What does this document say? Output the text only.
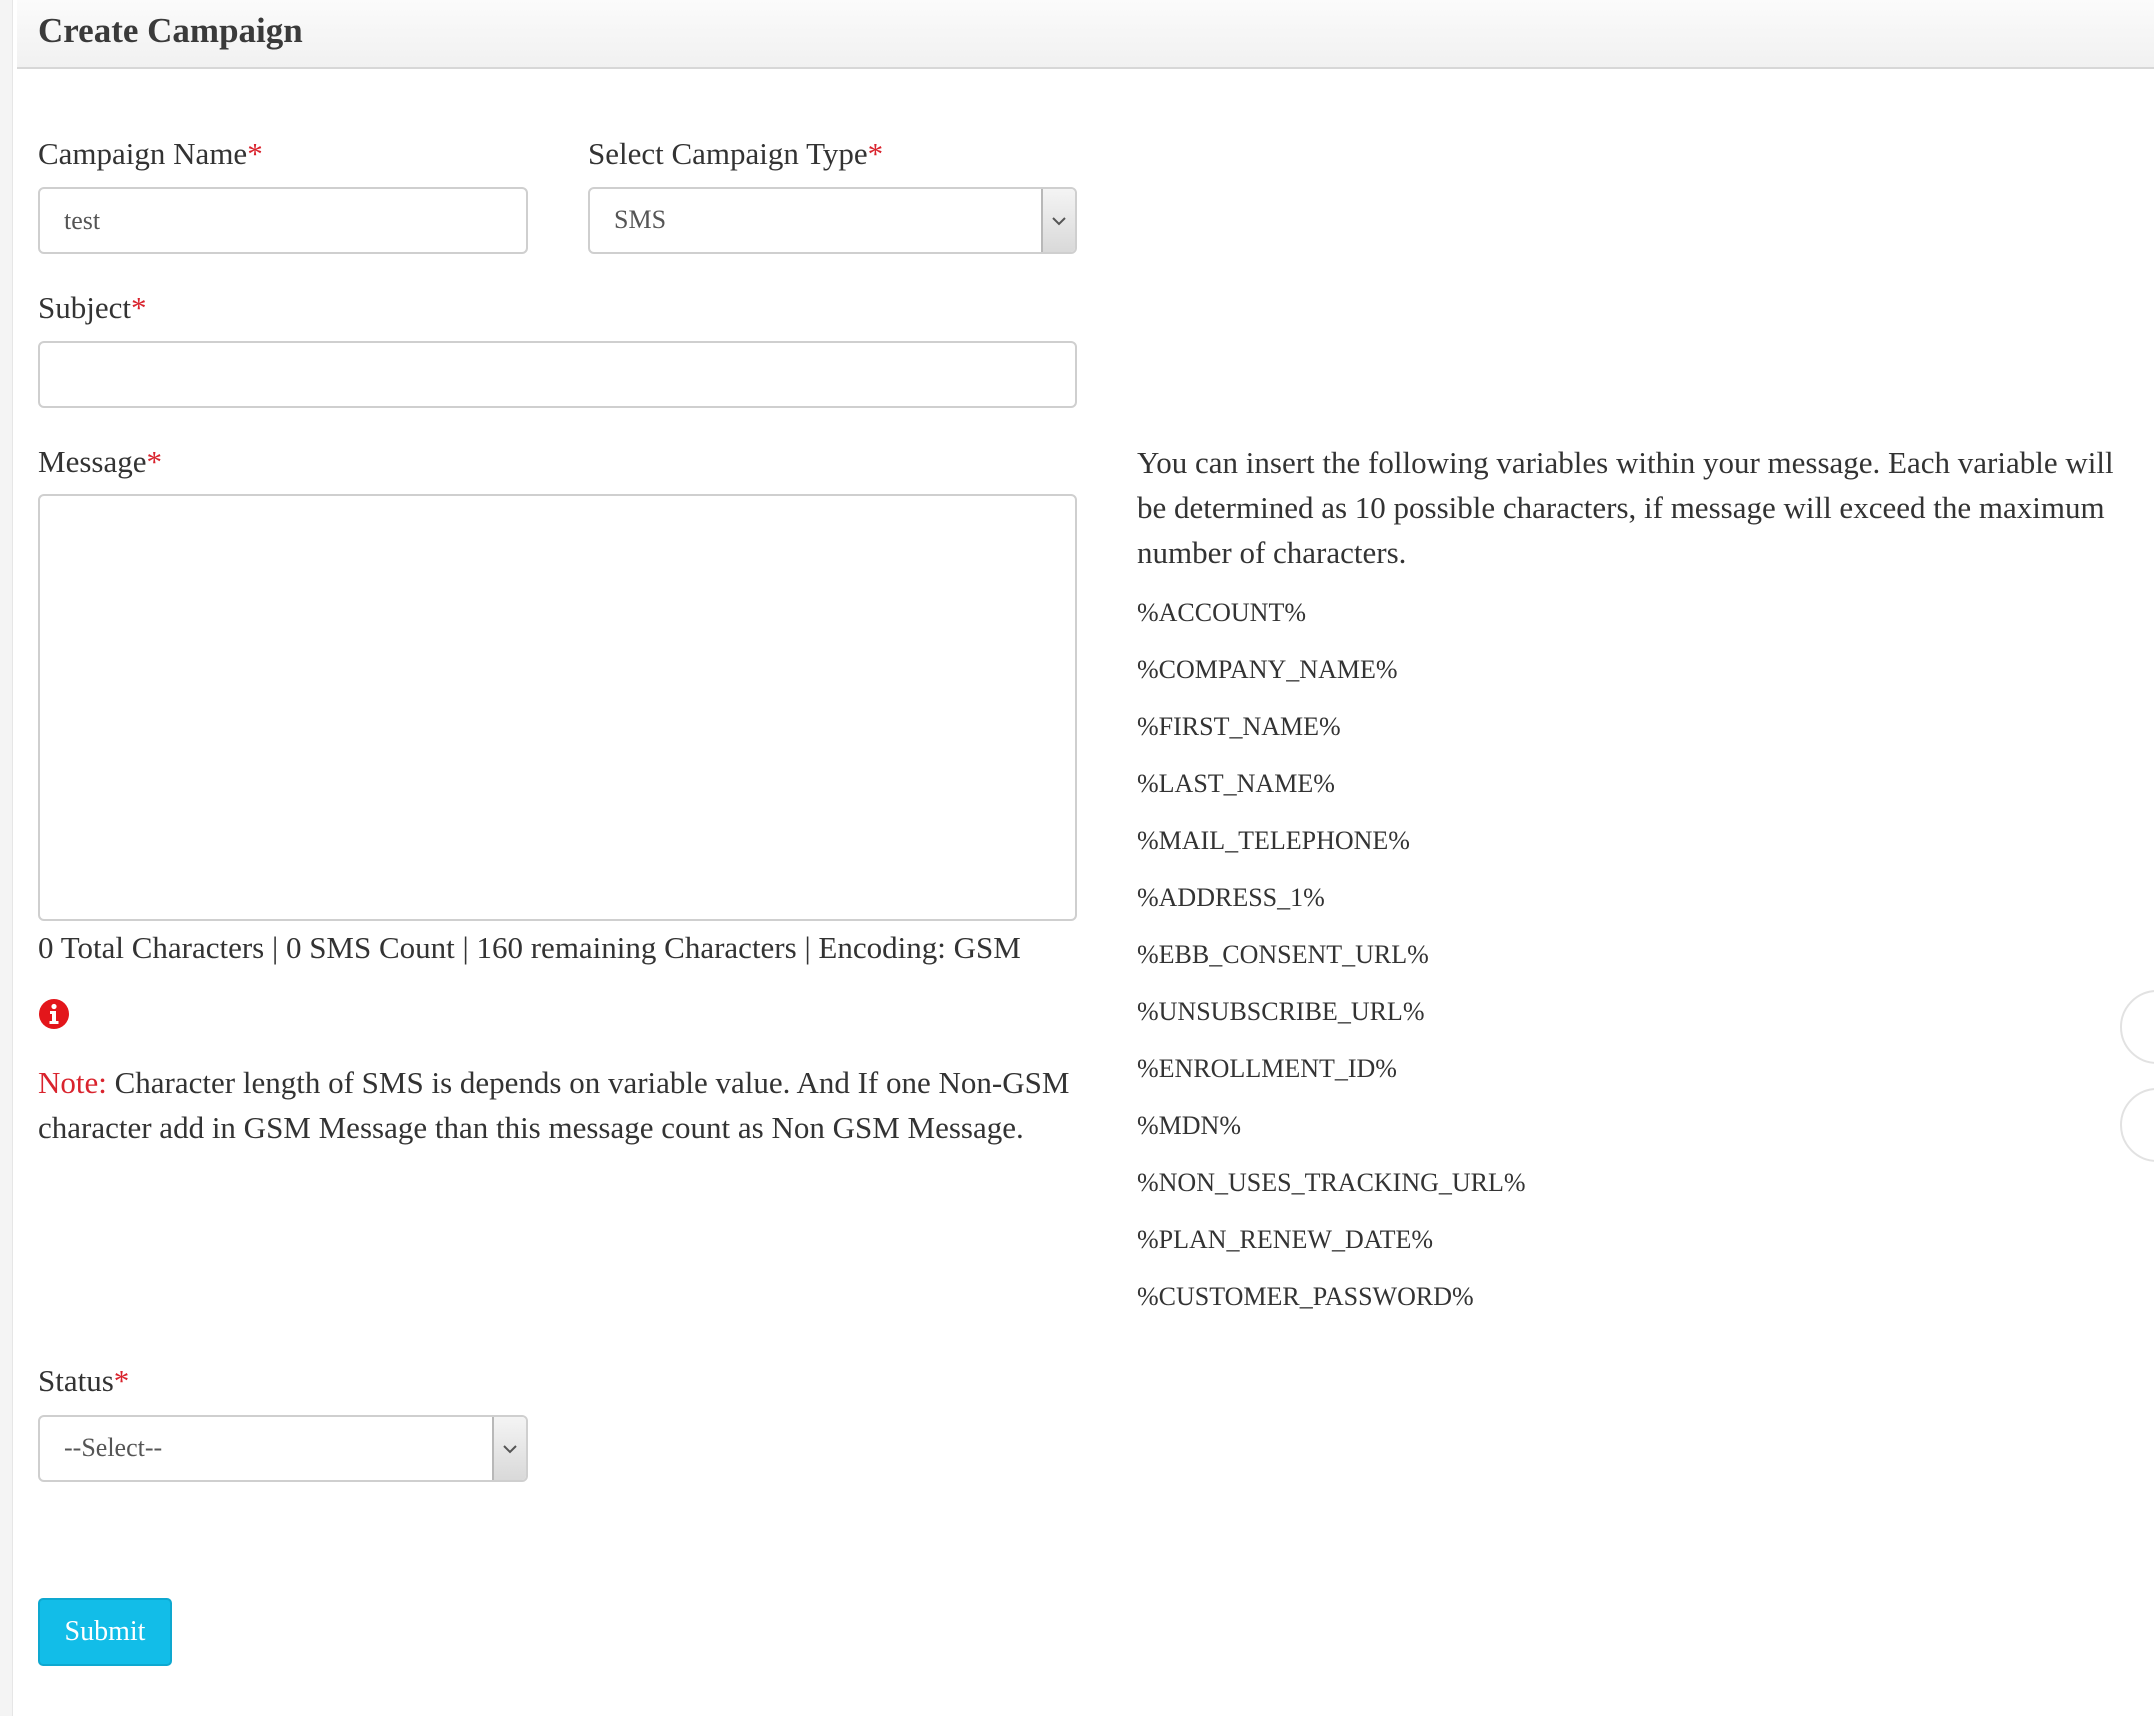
Create Campaign
Campaign Name*
test	Select Campaign Type*
SMS
Subject*
Message*
0 Total Characters | 0 SMS Count | 160 remaining Characters | Encoding: GSM
Note: Character length of SMS is depends on variable value. And If one Non-GSM character add in GSM Message than this message count as Non GSM Message.
You can insert the following variables within your message. Each variable will be determined as 10 possible characters, if message will exceed the maximum number of characters.
%ACCOUNT%
%COMPANY_NAME%
%FIRST_NAME%
%LAST_NAME%
%MAIL_TELEPHONE%
%ADDRESS_1%
%EBB_CONSENT_URL%
%UNSUBSCRIBE_URL%
%ENROLLMENT_ID%
%MDN%
%NON_USES_TRACKING_URL%
%PLAN_RENEW_DATE%
%CUSTOMER_PASSWORD%
Status*
--Select--
Submit
